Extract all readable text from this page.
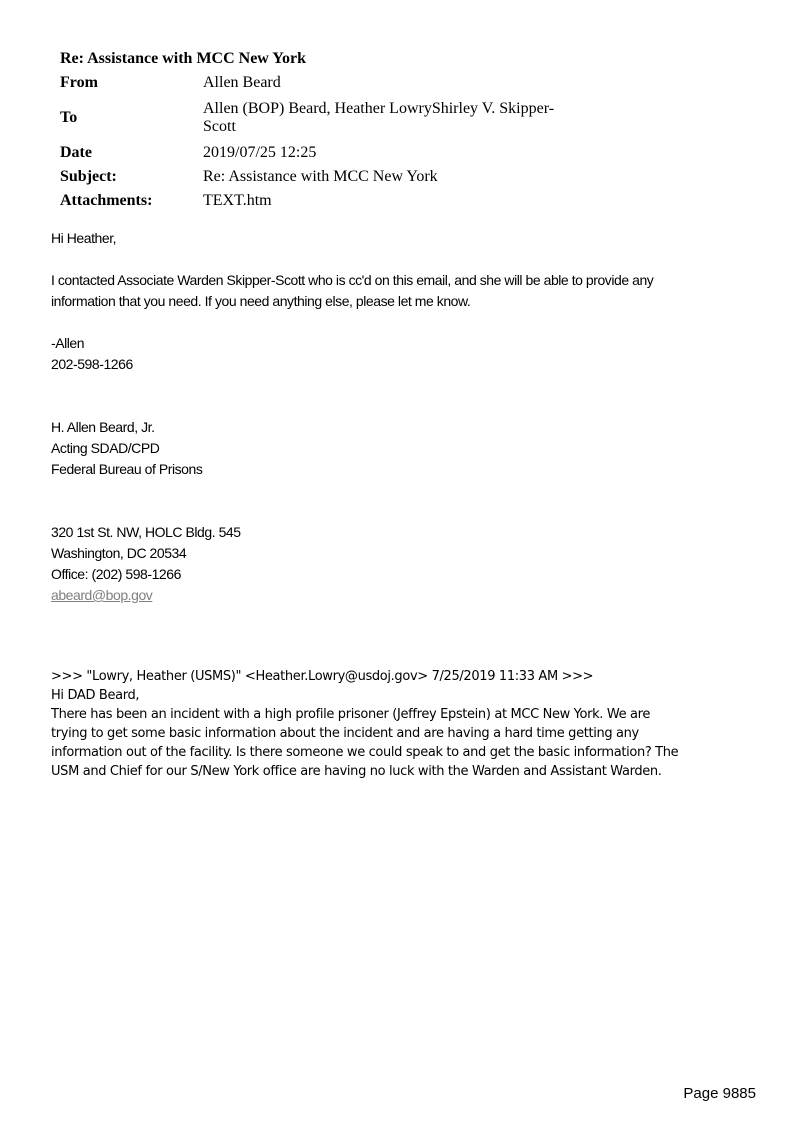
Re: Assistance with MCC New York
From	Allen Beard
To	Allen (BOP) Beard, Heather LowryShirley V. Skipper-
Scott
Date	2019/07/25 12:25
Subject:	Re: Assistance with MCC New York
Attachments:	TEXT.htm

Hi Heather,

I contacted Associate Warden Skipper-Scott who is cc'd on this email, and she will be able to provide any

information that you need. If you need anything else, please let me know.

-Allen

202-598-1266

H. Allen Beard, Jr.

Acting SDAD/CPD

Federal Bureau of Prisons

320 1st St. NW, HOLC Bldg. 545

Washington, DC 20534

Office: (202) 598-1266

abeard@bop.gov

>>> "Lowry, Heather (USMS)" <Heather.Lowry@usdoj.gov> 7/25/2019 11:33 AM >>>

Hi DAD Beard,

There has been an incident with a high profile prisoner (Jeffrey Epstein) at MCC New York. We are

trying to get some basic information about the incident and are having a hard time getting any

information out of the facility. Is there someone we could speak to and get the basic information? The

USM and Chief for our S/New York office are having no luck with the Warden and Assistant Warden.

Page 9885
